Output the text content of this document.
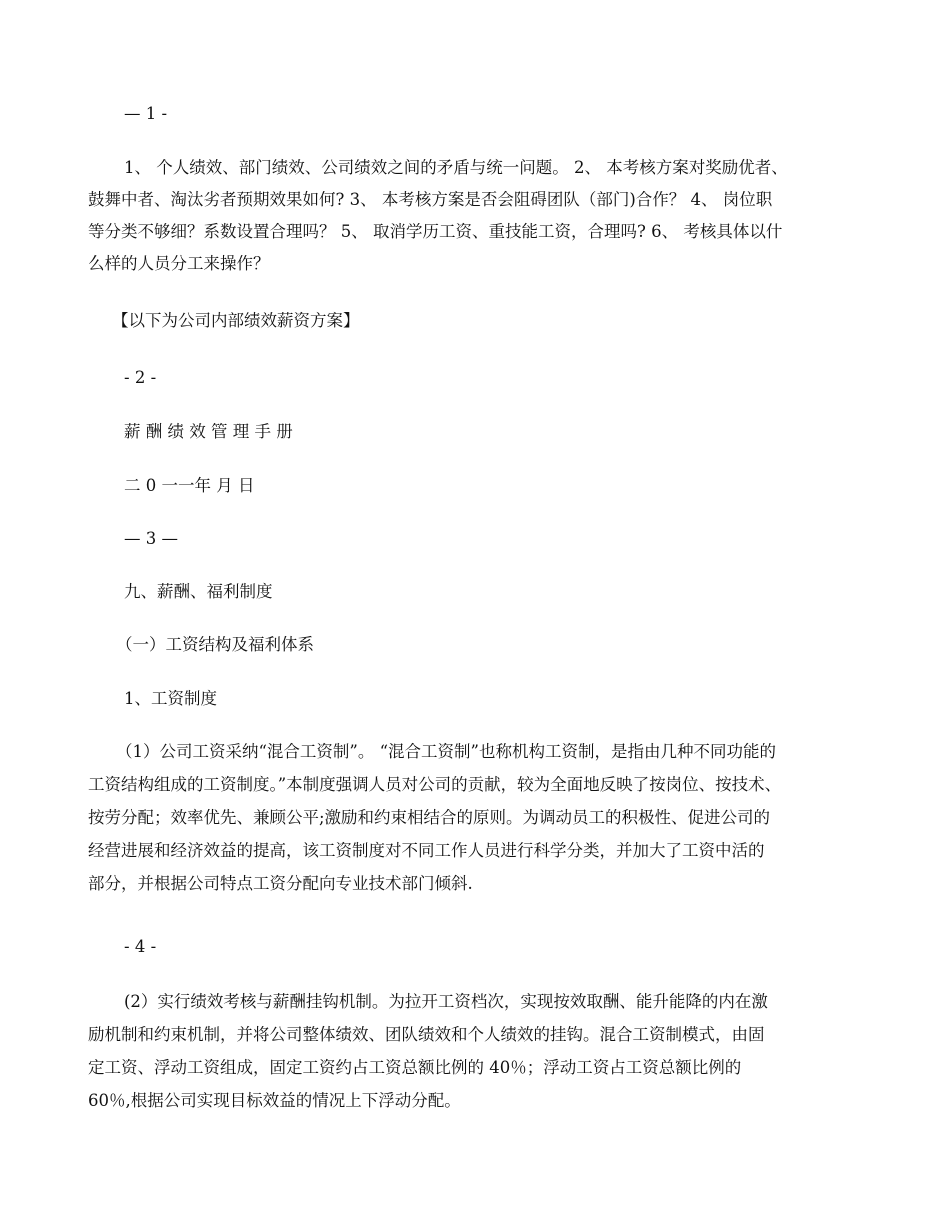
— 1 -

1、 个人绩效、部门绩效、公司绩效之间的矛盾与统一问题。 2、 本考核方案对奖励优者、

鼓舞中者、淘汰劣者预期效果如何? 3、 本考核方案是否会阻碍团队（部门)合作？ 4、 岗位职

等分类不够细？系数设置合理吗？ 5、 取消学历工资、重技能工资，合理吗? 6、 考核具体以什

么样的人员分工来操作？

【以下为公司内部绩效薪资方案】

- 2 -

薪 酬 绩 效 管 理 手 册

二 0 一一年 月 日

— 3 —

九、薪酬、福利制度

（一）工资结构及福利体系

1、工资制度

（1）公司工资采纳“混合工资制”。 “混合工资制”也称机构工资制，是指由几种不同功能的

工资结构组成的工资制度。”本制度强调人员对公司的贡献，较为全面地反映了按岗位、按技术、

按劳分配；效率优先、兼顾公平;激励和约束相结合的原则。为调动员工的积极性、促进公司的

经营进展和经济效益的提高，该工资制度对不同工作人员进行科学分类，并加大了工资中活的

部分，并根据公司特点工资分配向专业技术部门倾斜.

- 4 -

(2）实行绩效考核与薪酬挂钩机制。为拉开工资档次，实现按效取酬、能升能降的内在激

励机制和约束机制，并将公司整体绩效、团队绩效和个人绩效的挂钩。混合工资制模式，由固

定工资、浮动工资组成，固定工资约占工资总额比例的 40％；浮动工资占工资总额比例的

60％,根据公司实现目标效益的情况上下浮动分配。
